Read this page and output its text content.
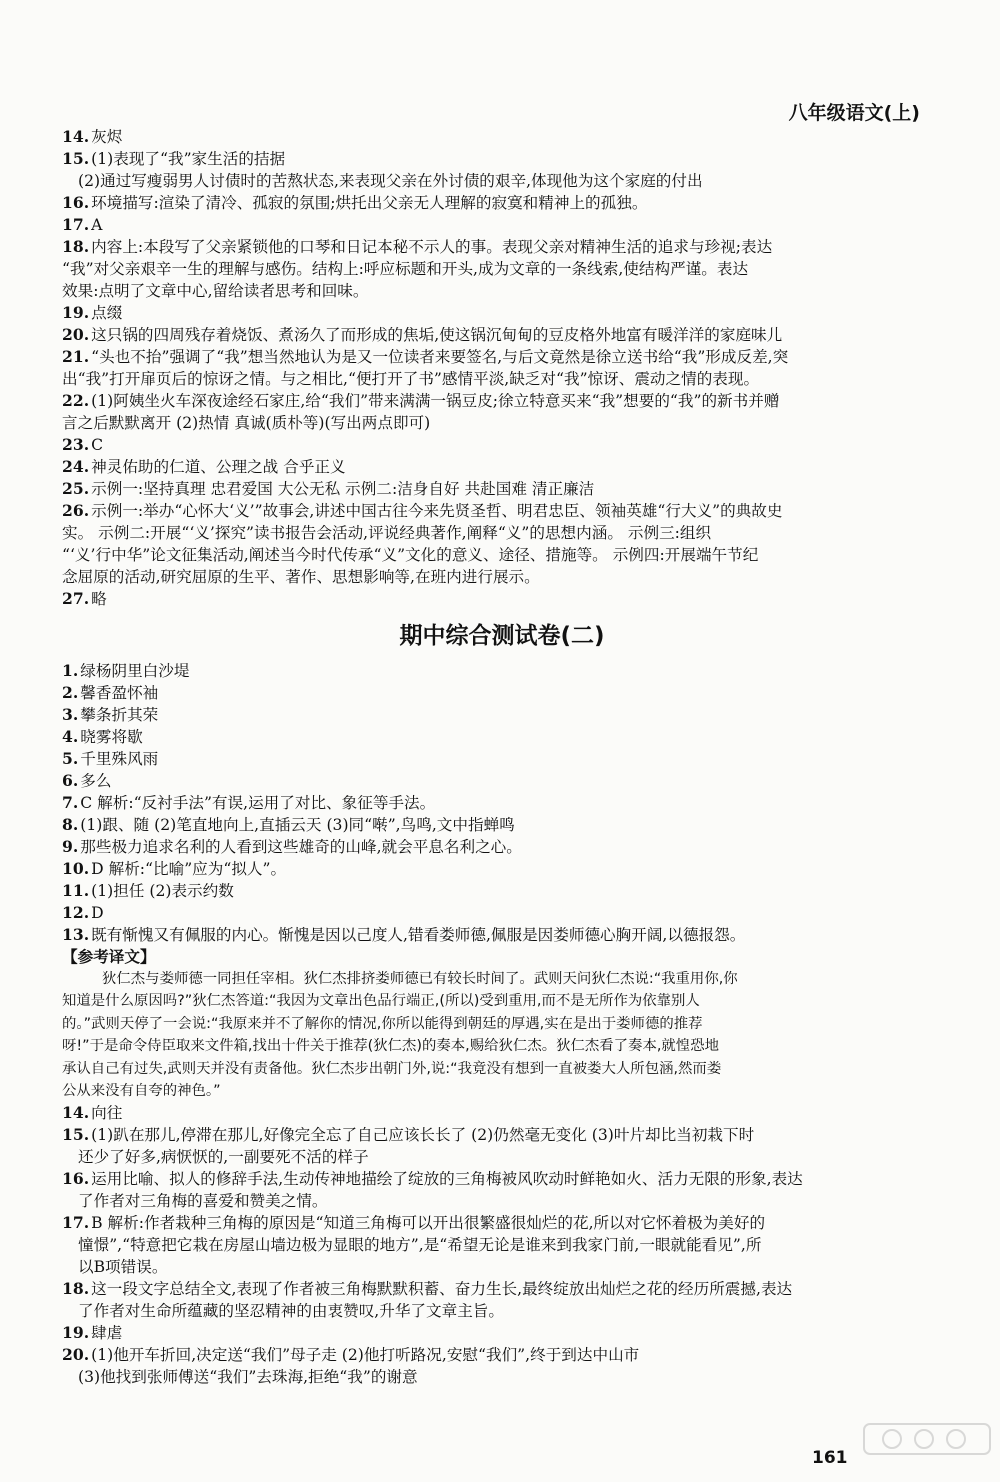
八年级语文(上)
14. 灰烬
15. (1)表现了“我”家生活的拮据
(2)通过写瘦弱男人讨债时的苦熬状态,来表现父亲在外讨债的艰辛,体现他为这个家庭的付出
16. 环境描写:渲染了清冷、孤寂的氛围;烘托出父亲无人理解的寂寞和精神上的孤独。
17. A
18. 内容上:本段写了父亲紧锁他的口琴和日记本秘不示人的事。表现父亲对精神生活的追求与珍视;表达
“我”对父亲艰辛一生的理解与感伤。结构上:呼应标题和开头,成为文章的一条线索,使结构严谨。表达
效果:点明了文章中心,留给读者思考和回味。
19. 点缀
20. 这只锅的四周残存着烧饭、煮汤久了而形成的焦垢,使这锅沉甸甸的豆皮格外地富有暖洋洋的家庭味儿
21. “头也不抬”强调了“我”想当然地认为是又一位读者来要签名,与后文竟然是徐立送书给“我”形成反差,突
出“我”打开扉页后的惊讶之情。与之相比,“便打开了书”感情平淡,缺乏对“我”惊讶、震动之情的表现。
22. (1)阿姨坐火车深夜途经石家庄,给“我们”带来满满一锅豆皮;徐立特意买来“我”想要的“我”的新书并赠
言之后默默离开 (2)热情 真诚(质朴等)(写出两点即可)
23. C
24. 神灵佑助的仁道、公理之战 合乎正义
25. 示例一:坚持真理 忠君爱国 大公无私 示例二:洁身自好 共赴国难 清正廉洁
26. 示例一:举办“心怀大‘义’”故事会,讲述中国古往今来先贤圣哲、明君忠臣、领袖英雄“行大义”的典故史
实。 示例二:开展“‘义’探究”读书报告会活动,评说经典著作,阐释“义”的思想内涵。 示例三:组织
“‘义’行中华”论文征集活动,阐述当今时代传承“义”文化的意义、途径、措施等。 示例四:开展端午节纪
念屈原的活动,研究屈原的生平、著作、思想影响等,在班内进行展示。
27. 略
期中综合测试卷(二)
1. 绿杨阴里白沙堤
2. 馨香盈怀袖
3. 攀条折其荣
4. 晓雾将歇
5. 千里殊风雨
6. 多么
7. C 解析:“反衬手法”有误,运用了对比、象征等手法。
8. (1)跟、随 (2)笔直地向上,直插云天 (3)同“啭”,鸟鸣,文中指蝉鸣
9. 那些极力追求名利的人看到这些雄奇的山峰,就会平息名利之心。
10. D 解析:“比喻”应为“拟人”。
11. (1)担任 (2)表示约数
12. D
13. 既有惭愧又有佩服的内心。惭愧是因以己度人,错看娄师德,佩服是因娄师德心胸开阔,以德报怨。
【参考译文】
狄仁杰与娄师德一同担任宰相。狄仁杰排挤娄师德已有较长时间了。武则天问狄仁杰说:“我重用你,你
知道是什么原因吗?”狄仁杰答道:“我因为文章出色品行端正,(所以)受到重用,而不是无所作为依靠别人
的。”武则天停了一会说:“我原来并不了解你的情况,你所以能得到朝廷的厚遇,实在是出于娄师德的推荐
呀!”于是命令侍臣取来文件箱,找出十件关于推荐(狄仁杰)的奏本,赐给狄仁杰。狄仁杰看了奏本,就惶恐地
承认自己有过失,武则天并没有责备他。狄仁杰步出朝门外,说:“我竟没有想到一直被娄大人所包涵,然而娄
公从来没有自夸的神色。”
14. 向往
15. (1)趴在那儿,停滞在那儿,好像完全忘了自己应该长长了 (2)仍然毫无变化 (3)叶片却比当初栽下时
还少了好多,病恹恹的,一副要死不活的样子
16. 运用比喻、拟人的修辞手法,生动传神地描绘了绽放的三角梅被风吹动时鲜艳如火、活力无限的形象,表达
了作者对三角梅的喜爱和赞美之情。
17. B 解析:作者栽种三角梅的原因是“知道三角梅可以开出很繁盛很灿烂的花,所以对它怀着极为美好的
憧憬”,“特意把它栽在房屋山墙边极为显眼的地方”,是“希望无论是谁来到我家门前,一眼就能看见”,所
以B项错误。
18. 这一段文字总结全文,表现了作者被三角梅默默积蓄、奋力生长,最终绽放出灿烂之花的经历所震撼,表达
了作者对生命所蕴藏的坚忍精神的由衷赞叹,升华了文章主旨。
19. 肆虐
20. (1)他开车折回,决定送“我们”母子走 (2)他打听路况,安慰“我们”,终于到达中山市
(3)他找到张师傅送“我们”去珠海,拒绝“我”的谢意
161
